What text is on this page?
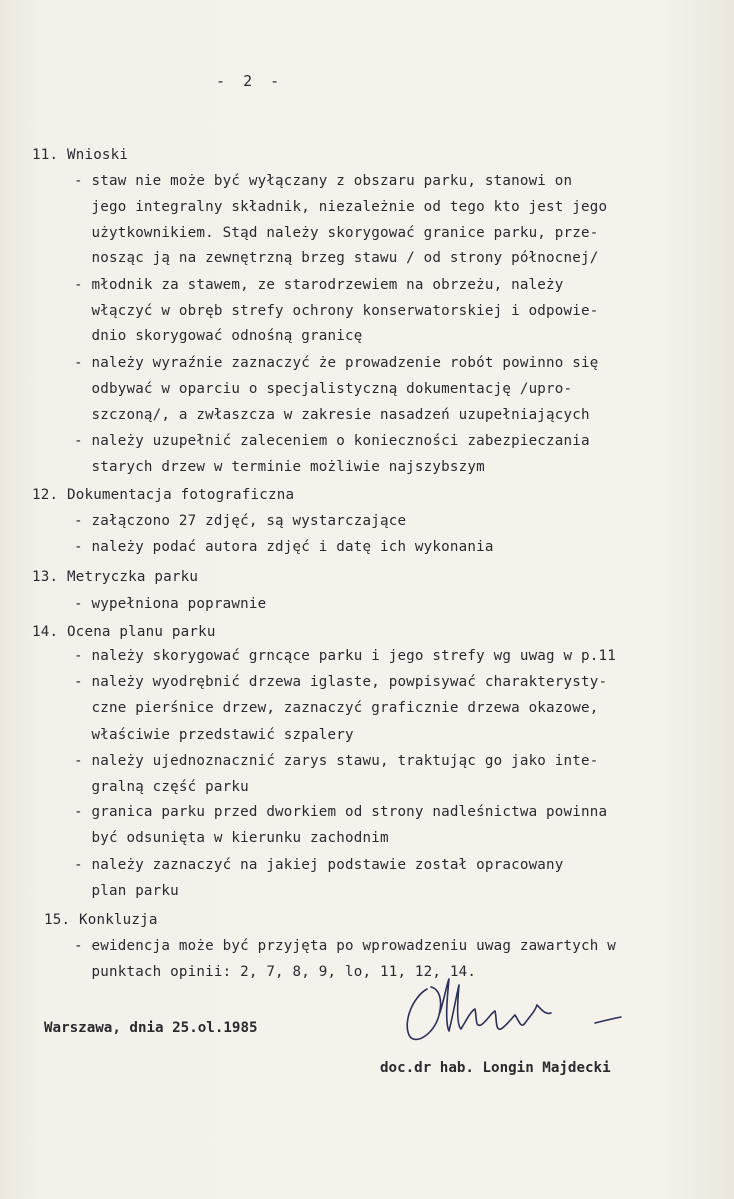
-  2  -
11. Wnioski
- staw nie może być wyłączany z obszaru parku, stanowi on
jego integralny składnik, niezależnie od tego kto jest jego
użytkownikiem. Stąd należy skorygować granice parku, prze-
nosząc ją na zewnętrzną brzeg stawu / od strony północnej/
- młodnik za stawem, ze starodrzewiem na obrzeżu, należy
włączyć w obręb strefy ochrony konserwatorskiej i odpowie-
dnio skorygować odnośną granicę
- należy wyraźnie zaznaczyć że prowadzenie robót powinno się
odbywać w oparciu o specjalistyczną dokumentację /upro-
szczoną/, a zwłaszcza w zakresie nasadzeń uzupełniających
- należy uzupełnić zaleceniem o konieczności zabezpieczania
starych drzew w terminie możliwie najszybszym
12. Dokumentacja fotograficzna
- załączono 27 zdjęć, są wystarczające
- należy podać autora zdjęć i datę ich wykonania
13. Metryczka parku
- wypełniona poprawnie
14. Ocena planu parku
- należy skorygować grncące parku i jego strefy wg uwag w p.11
- należy wyodrębnić drzewa iglaste, powpisywać charakterysty-
czne pierśnice drzew, zaznaczyć graficznie drzewa okazowe,
właściwie przedstawić szpalery
- należy ujednoznacznić zarys stawu, traktując go jako inte-
gralną część parku
- granica parku przed dworkiem od strony nadleśnictwa powinna
być odsunięta w kierunku zachodnim
- należy zaznaczyć na jakiej podstawie został opracowany
plan parku
15. Konkluzja
- ewidencja może być przyjęta po wprowadzeniu uwag zawartych w
punktach opinii: 2, 7, 8, 9, lo, 11, 12, 14.
Warszawa, dnia 25.ol.1985
doc.dr hab. Longin Majdecki
